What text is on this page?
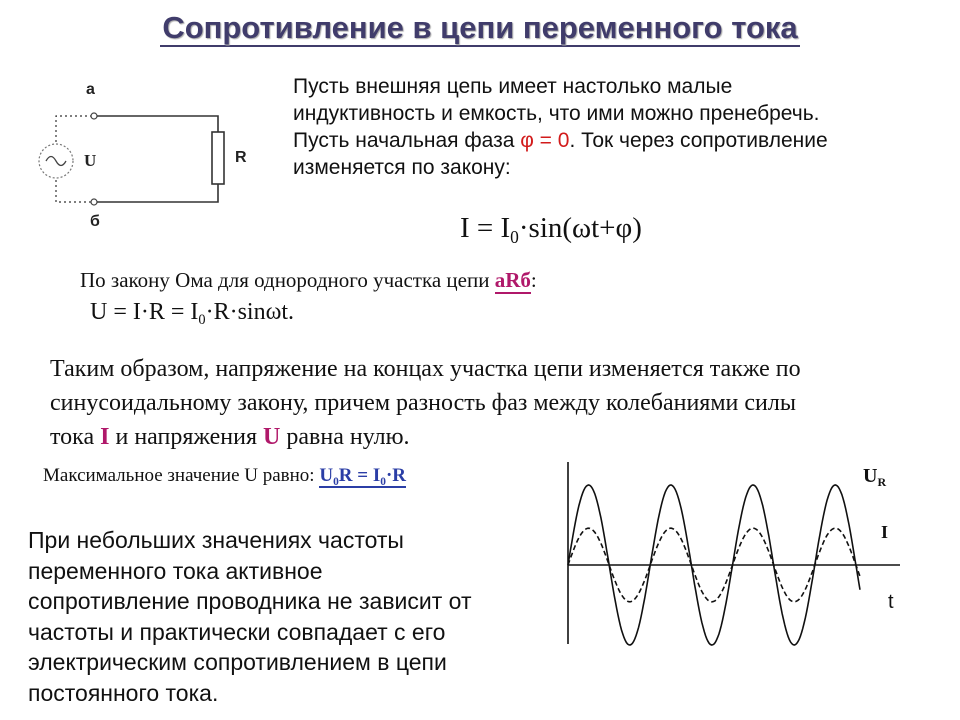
Сопротивление в цепи переменного тока
а
б
U	R
Пусть внешняя цепь имеет настолько малые
индуктивность и емкость, что ими можно пренебречь.
Пусть начальная фаза φ = 0. Ток через сопротивление
изменяется по закону:
$I = I_0\cdot\sin(\omega t+\varphi)$
По закону Ома для однородного участка цепи aRб:
$U = I\cdot R = I_0\cdot R\cdot\sin\omega t$.
Таким образом, напряжение на концах участка цепи изменяется также по
синусоидальному закону, причем разность фаз между колебаниями силы
тока I и напряжения U равна нулю.
Максимальное значение U равно: $U_0R = I_0\cdot R$
При небольших значениях частоты
переменного тока активное
сопротивление проводника не зависит от
частоты и практически совпадает с его
электрическим сопротивлением в цепи
постоянного тока.
$U_R$
I
t
